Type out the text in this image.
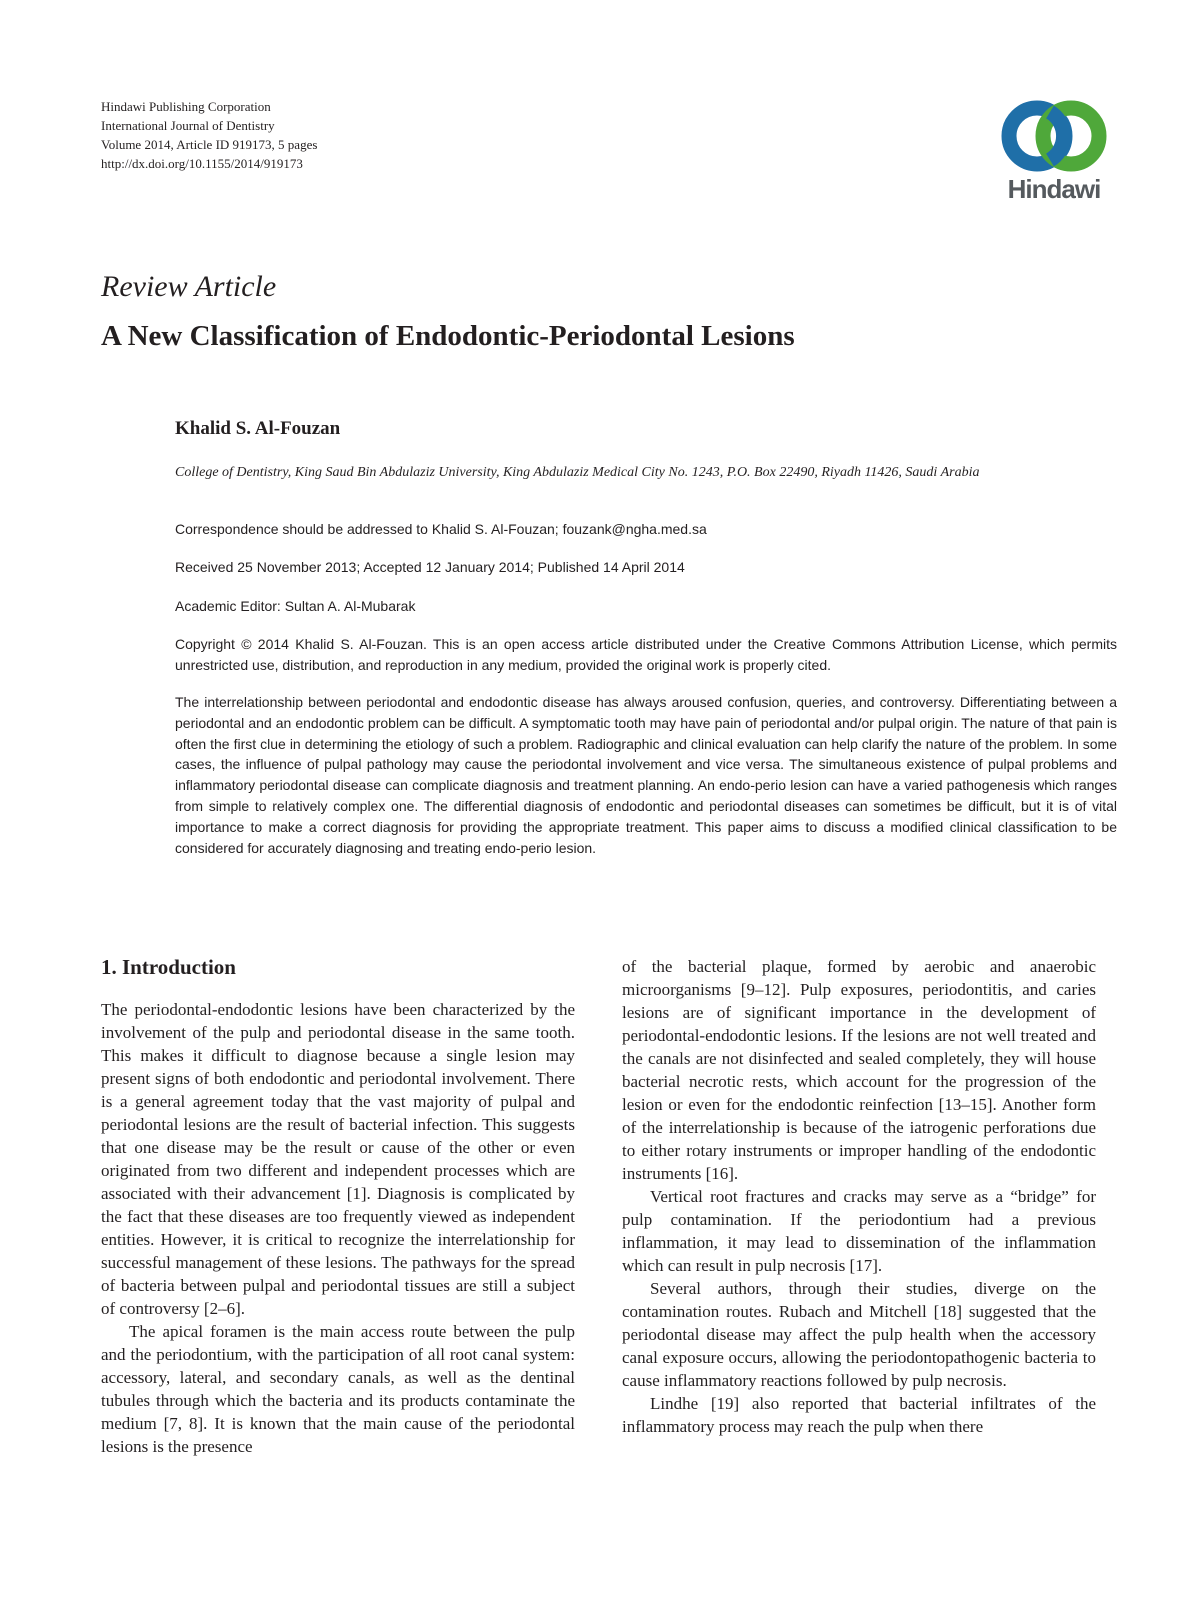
Hindawi Publishing Corporation
International Journal of Dentistry
Volume 2014, Article ID 919173, 5 pages
http://dx.doi.org/10.1155/2014/919173
Hindawi
Review Article
A New Classification of Endodontic-Periodontal Lesions
Khalid S. Al-Fouzan
College of Dentistry, King Saud Bin Abdulaziz University, King Abdulaziz Medical City No. 1243, P.O. Box 22490, Riyadh 11426, Saudi Arabia
Correspondence should be addressed to Khalid S. Al-Fouzan; fouzank@ngha.med.sa
Received 25 November 2013; Accepted 12 January 2014; Published 14 April 2014
Academic Editor: Sultan A. Al-Mubarak
Copyright © 2014 Khalid S. Al-Fouzan. This is an open access article distributed under the Creative Commons Attribution License, which permits unrestricted use, distribution, and reproduction in any medium, provided the original work is properly cited.
The interrelationship between periodontal and endodontic disease has always aroused confusion, queries, and controversy. Differentiating between a periodontal and an endodontic problem can be difficult. A symptomatic tooth may have pain of periodontal and/or pulpal origin. The nature of that pain is often the first clue in determining the etiology of such a problem. Radiographic and clinical evaluation can help clarify the nature of the problem. In some cases, the influence of pulpal pathology may cause the periodontal involvement and vice versa. The simultaneous existence of pulpal problems and inflammatory periodontal disease can complicate diagnosis and treatment planning. An endo-perio lesion can have a varied pathogenesis which ranges from simple to relatively complex one. The differential diagnosis of endodontic and periodontal diseases can sometimes be difficult, but it is of vital importance to make a correct diagnosis for providing the appropriate treatment. This paper aims to discuss a modified clinical classification to be considered for accurately diagnosing and treating endo-perio lesion.
1. Introduction

The periodontal-endodontic lesions have been characterized by the involvement of the pulp and periodontal disease in the same tooth. This makes it difficult to diagnose because a single lesion may present signs of both endodontic and periodontal involvement. There is a general agreement today that the vast majority of pulpal and periodontal lesions are the result of bacterial infection. This suggests that one disease may be the result or cause of the other or even originated from two different and independent processes which are associated with their advancement [1]. Diagnosis is complicated by the fact that these diseases are too frequently viewed as independent entities. However, it is critical to recognize the interrelationship for successful management of these lesions. The pathways for the spread of bacteria between pulpal and periodontal tissues are still a subject of controversy [2–6].

The apical foramen is the main access route between the pulp and the periodontium, with the participation of all root canal system: accessory, lateral, and secondary canals, as well as the dentinal tubules through which the bacteria and its products contaminate the medium [7, 8]. It is known that the main cause of the periodontal lesions is the presence

of the bacterial plaque, formed by aerobic and anaerobic microorganisms [9–12]. Pulp exposures, periodontitis, and caries lesions are of significant importance in the development of periodontal-endodontic lesions. If the lesions are not well treated and the canals are not disinfected and sealed completely, they will house bacterial necrotic rests, which account for the progression of the lesion or even for the endodontic reinfection [13–15]. Another form of the interrelationship is because of the iatrogenic perforations due to either rotary instruments or improper handling of the endodontic instruments [16].

Vertical root fractures and cracks may serve as a “bridge” for pulp contamination. If the periodontium had a previous inflammation, it may lead to dissemination of the inflammation which can result in pulp necrosis [17].

Several authors, through their studies, diverge on the contamination routes. Rubach and Mitchell [18] suggested that the periodontal disease may affect the pulp health when the accessory canal exposure occurs, allowing the periodontopathogenic bacteria to cause inflammatory reactions followed by pulp necrosis.

Lindhe [19] also reported that bacterial infiltrates of the inflammatory process may reach the pulp when there
